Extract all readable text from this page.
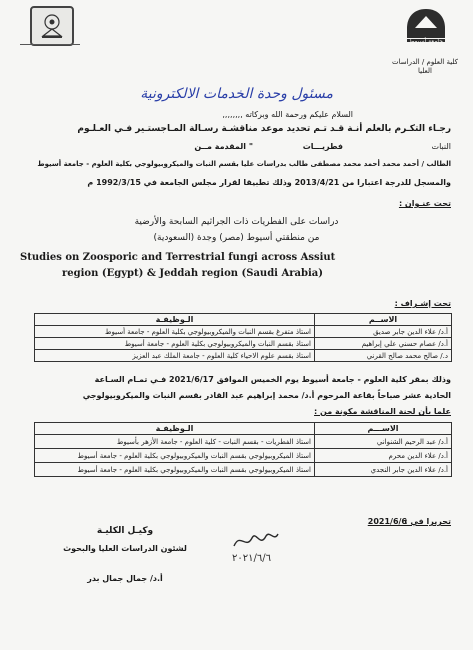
جامعة أسيوط
كلية العلوم / الدراسات
العليا
مسئول وحدة الخدمات الالكترونية
السلام عليكم ورحمة الله وبركاته ,,,,,,,,
رجـاء التكـرم بالعلم أنـة قـد تـم تحديد موعد مناقشـة رسـالة المـاجستـير فـي العـلـوم
النبات
فطريـــات
" المقدمة مــن
الطالب / أحمد محمد أحمد محمد مصطفى طالب بدراسات عليا بقسم النبات والميكروبيولوجي بكلية العلوم - جامعة أسيوط
والمسجل للدرجة اعتبارا من 2013/4/21 وذلك تطبيقا لقرار مجلس الجامعة في 1992/3/15 م
تحت عنـوان :
دراسات على الفطريات ذات الجراثيم السابحة والأرضية
من منطقتي أسيوط (مصر) وجدة (السعودية)
Studies on Zoosporic and Terrestrial fungi across Assiut
region (Egypt) & Jeddah region (Saudi Arabia)
تحت إشـراف :
الاســم	الـوظيفـة
أ.د/ علاء الدين جابر صديق	استاذ متفرغ بقسم النبات والميكروبيولوجي بكلية العلوم - جامعة أسيوط
أ.د/ عصام حسني علي إبراهيم	استاذ بقسم النبات والميكروبيولوجي بكلية العلوم - جامعة أسيوط
د./ صالح محمد صالح القرني	استاذ بقسم علوم الاحياء كلية العلوم - جامعة الملك عبد العزيز
وذلك بمقر كلية العلوم - جامعة أسيوط يوم الخميس الموافق 2021/6/17 فـي تمـام السـاعة
الحادية عشر صباحاً بقاعة المرحوم أ.د/ محمد إبراهيم عبد القادر بقسم النبات والميكروبيولوجي
علما بأن لجنة المناقشة مكونة من :
الاســـم	الـوظيفـة
أ.د/ عبد الرحيم الشنواني	استاذ الفطريات - بقسم النبات - كلية العلوم - جامعة الأزهر بأسيوط
أ.د/ علاء الدين محرم	استاذ الميكروبيولوجي بقسم النبات والميكروبيولوجي بكلية العلوم - جامعة أسيوط
أ.د/ علاء الدين جابر النجدي	استاذ الميكروبيولوجي بقسم النبات والميكروبيولوجي بكلية العلوم - جامعة أسيوط
تحريرا في :
2021/6/6
٢٠٢١/٦/٦
وكيـل الكليـة
لشئون الدراسات العليا والبحوث
أ.د/ جمال جمال بدر
